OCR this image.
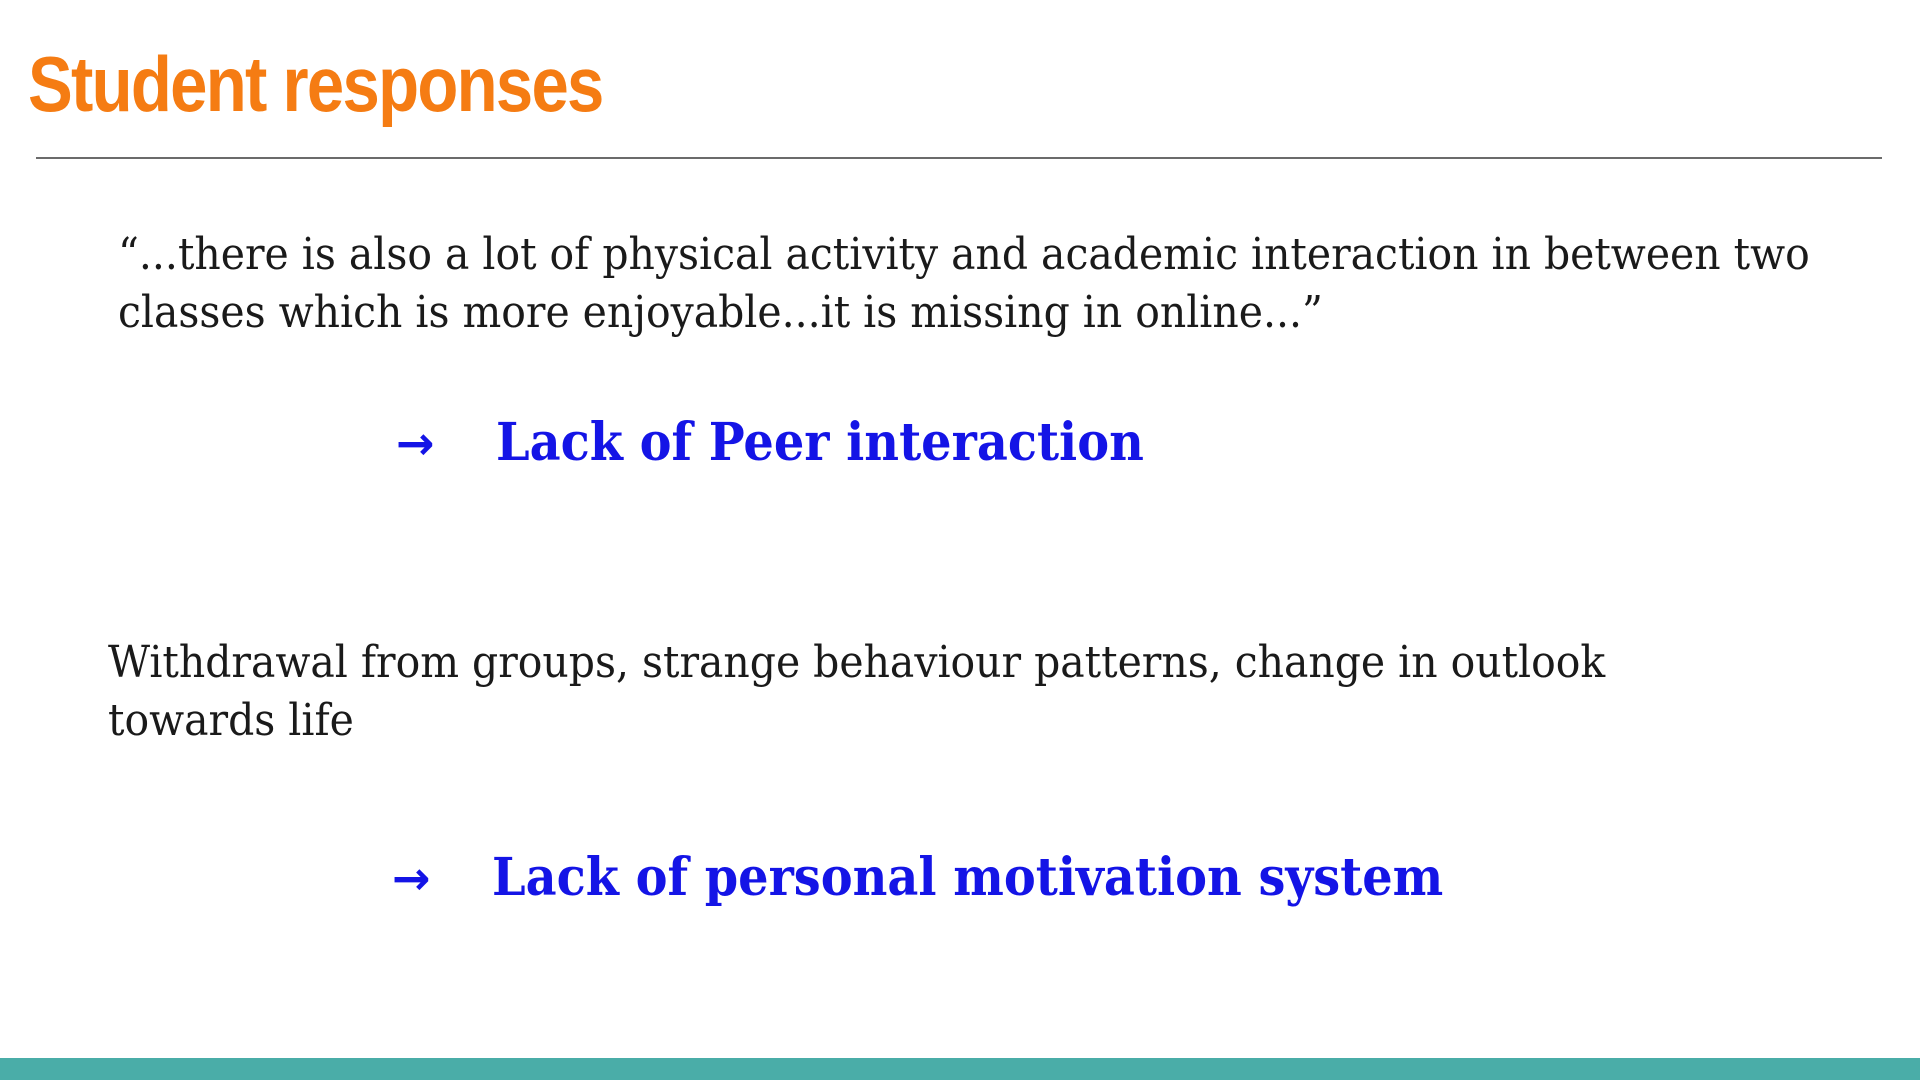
Student responses

“...there is also a lot of physical activity and academic interaction in between two classes which is more enjoyable...it is missing in online...”

→	Lack of Peer interaction

Withdrawal from groups, strange behaviour patterns, change in outlook towards life

→	Lack of personal motivation system
